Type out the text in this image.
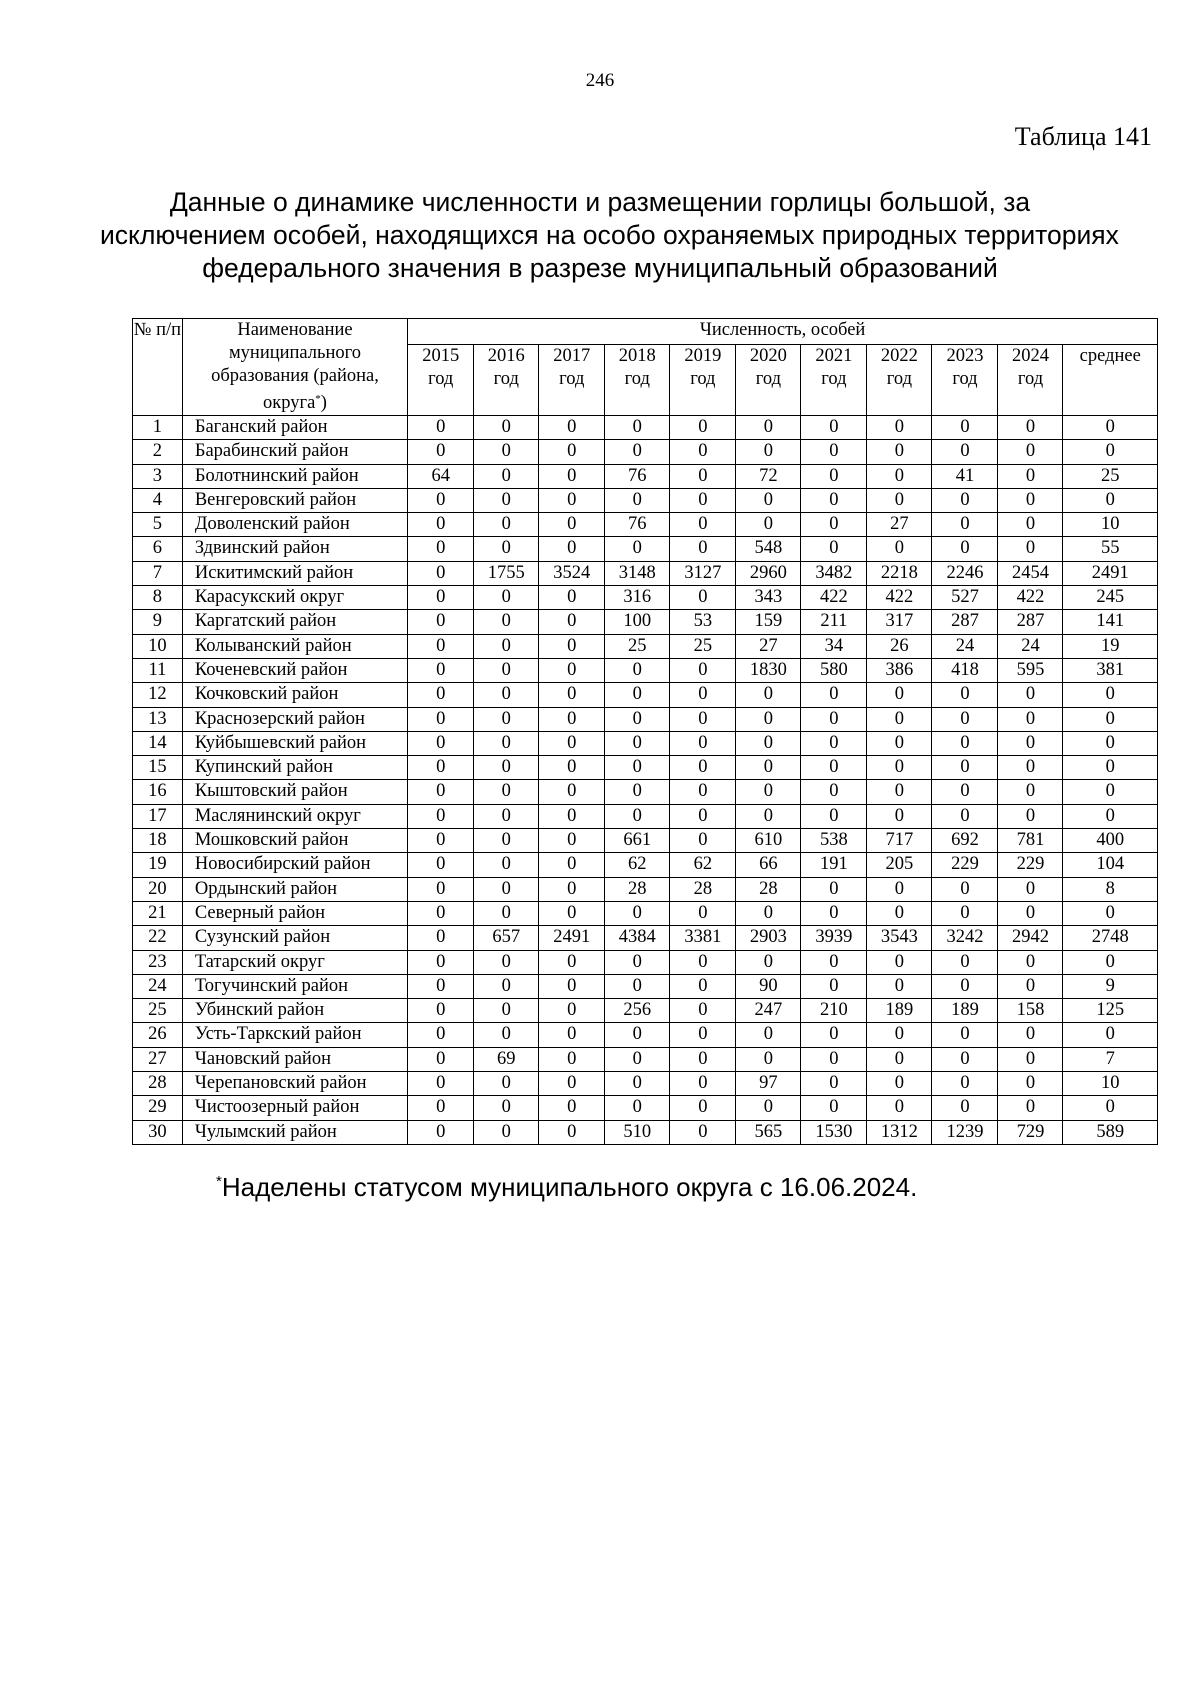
246
Таблица 141
Данные о динамике численности и размещении горлицы большой, за
исключением особей, находящихся на особо охраняемых природных территориях
федерального значения в разрезе муниципальный образований
№ п/п	Наименование муниципального образования (района, округа*)	Численность, особей										
		2015 год	2016 год	2017 год	2018 год	2019 год	2020 год	2021 год	2022 год	2023 год	2024 год	среднее
1	Баганский район	0	0	0	0	0	0	0	0	0	0	0
2	Барабинский район	0	0	0	0	0	0	0	0	0	0	0
3	Болотнинский район	64	0	0	76	0	72	0	0	41	0	25
4	Венгеровский район	0	0	0	0	0	0	0	0	0	0	0
5	Доволенский район	0	0	0	76	0	0	0	27	0	0	10
6	Здвинский район	0	0	0	0	0	548	0	0	0	0	55
7	Искитимский район	0	1755	3524	3148	3127	2960	3482	2218	2246	2454	2491
8	Карасукский округ	0	0	0	316	0	343	422	422	527	422	245
9	Каргатский район	0	0	0	100	53	159	211	317	287	287	141
10	Колыванский район	0	0	0	25	25	27	34	26	24	24	19
11	Коченевский район	0	0	0	0	0	1830	580	386	418	595	381
12	Кочковский район	0	0	0	0	0	0	0	0	0	0	0
13	Краснозерский район	0	0	0	0	0	0	0	0	0	0	0
14	Куйбышевский район	0	0	0	0	0	0	0	0	0	0	0
15	Купинский район	0	0	0	0	0	0	0	0	0	0	0
16	Кыштовский район	0	0	0	0	0	0	0	0	0	0	0
17	Маслянинский округ	0	0	0	0	0	0	0	0	0	0	0
18	Мошковский район	0	0	0	661	0	610	538	717	692	781	400
19	Новосибирский район	0	0	0	62	62	66	191	205	229	229	104
20	Ордынский район	0	0	0	28	28	28	0	0	0	0	8
21	Северный район	0	0	0	0	0	0	0	0	0	0	0
22	Сузунский район	0	657	2491	4384	3381	2903	3939	3543	3242	2942	2748
23	Татарский округ	0	0	0	0	0	0	0	0	0	0	0
24	Тогучинский район	0	0	0	0	0	90	0	0	0	0	9
25	Убинский район	0	0	0	256	0	247	210	189	189	158	125
26	Усть-Таркский район	0	0	0	0	0	0	0	0	0	0	0
27	Чановский район	0	69	0	0	0	0	0	0	0	0	7
28	Черепановский район	0	0	0	0	0	97	0	0	0	0	10
29	Чистоозерный район	0	0	0	0	0	0	0	0	0	0	0
30	Чулымский район	0	0	0	510	0	565	1530	1312	1239	729	589
*Наделены статусом муниципального округа с 16.06.2024.
